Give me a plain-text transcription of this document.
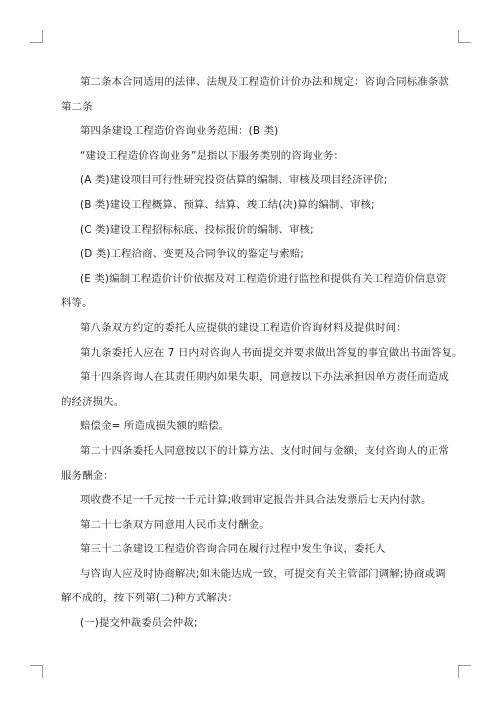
第二条本合同适用的法律、法规及工程造价计价办法和规定：咨询合同标准条款
第二条
第四条建设工程造价咨询业务范围：(B 类)
“建设工程造价咨询业务”是指以下服务类别的咨询业务：
(A 类)建设项目可行性研究投资估算的编制、审核及项目经济评价;
(B 类)建设工程概算、预算、结算、竣工结(决)算的编制、审核;
(C 类)建设工程招标标底、投标报价的编制、审核;
(D 类)工程洽商、变更及合同争议的鉴定与索赔;
(E 类)编制工程造价计价依据及对工程造价进行监控和提供有关工程造价信息资
料等。
第八条双方约定的委托人应提供的建设工程造价咨询材料及提供时间：
第九条委托人应在 7 日内对咨询人书面提交并要求做出答复的事宜做出书面答复。
第十四条咨询人在其责任期内如果失职，同意按以下办法承担因单方责任而造成
的经济损失。
赔偿金= 所造成损失额的赔偿。
第二十四条委托人同意按以下的计算方法、支付时间与金额，支付咨询人的正常
服务酬金：
项收费不足一千元按一千元计算;收到审定报告并具合法发票后七天内付款。
第二十七条双方同意用人民币支付酬金。
第三十二条建设工程造价咨询合同在履行过程中发生争议，委托人
与咨询人应及时协商解决;如未能达成一致，可提交有关主管部门调解;协商或调
解不成的，按下列第(二)种方式解决：
(一)提交仲裁委员会仲裁;
